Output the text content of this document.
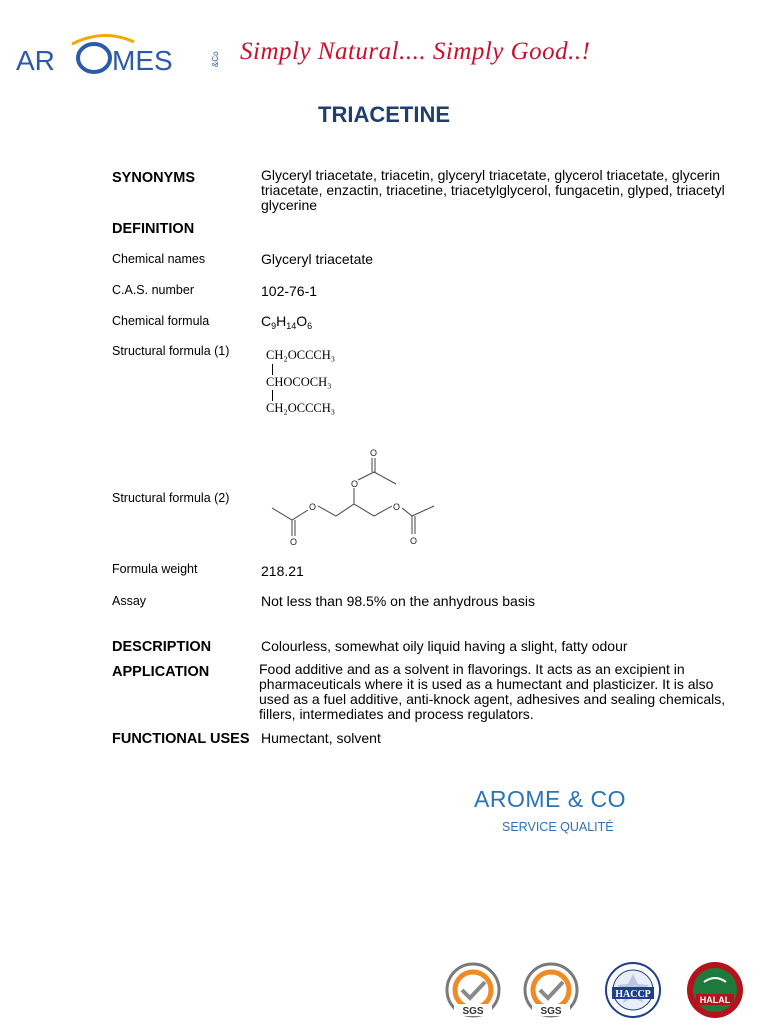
AR MES	&Co Simply Natural.... Simply Good..!
TRIACETINE
SYNONYMS	Glyceryl triacetate, triacetin, glyceryl triacetate, glycerol triacetate, glycerin triacetate, enzactin, triacetine, triacetylglycerol, fungacetin, glyped, triacetyl glycerine
DEFINITION
Chemical names	Glyceryl triacetate
C.A.S. number	102-76-1
Chemical formula	$C_9H_{14}O_6$
Structural formula (1)	CH₂OCCCH₃
CHOCOCH₃
CH₂OCCCH₃
Structural formula (2)
O
O
O
O
O
O
Formula weight	218.21
Assay	Not less than 98.5% on the anhydrous basis
DESCRIPTION	Colourless, somewhat oily liquid having a slight, fatty odour
APPLICATION	Food additive and as a solvent in flavorings. It acts as an excipient in pharmaceuticals where it is used as a humectant and plasticizer. It is also used as a fuel additive, anti-knock agent, adhesives and sealing chemicals, fillers, intermediates and process regulators.
FUNCTIONAL USES Humectant, solvent
AROME & CO
SERVICE QUALITÉ
SGS	SGS
HACCP	HALAL
